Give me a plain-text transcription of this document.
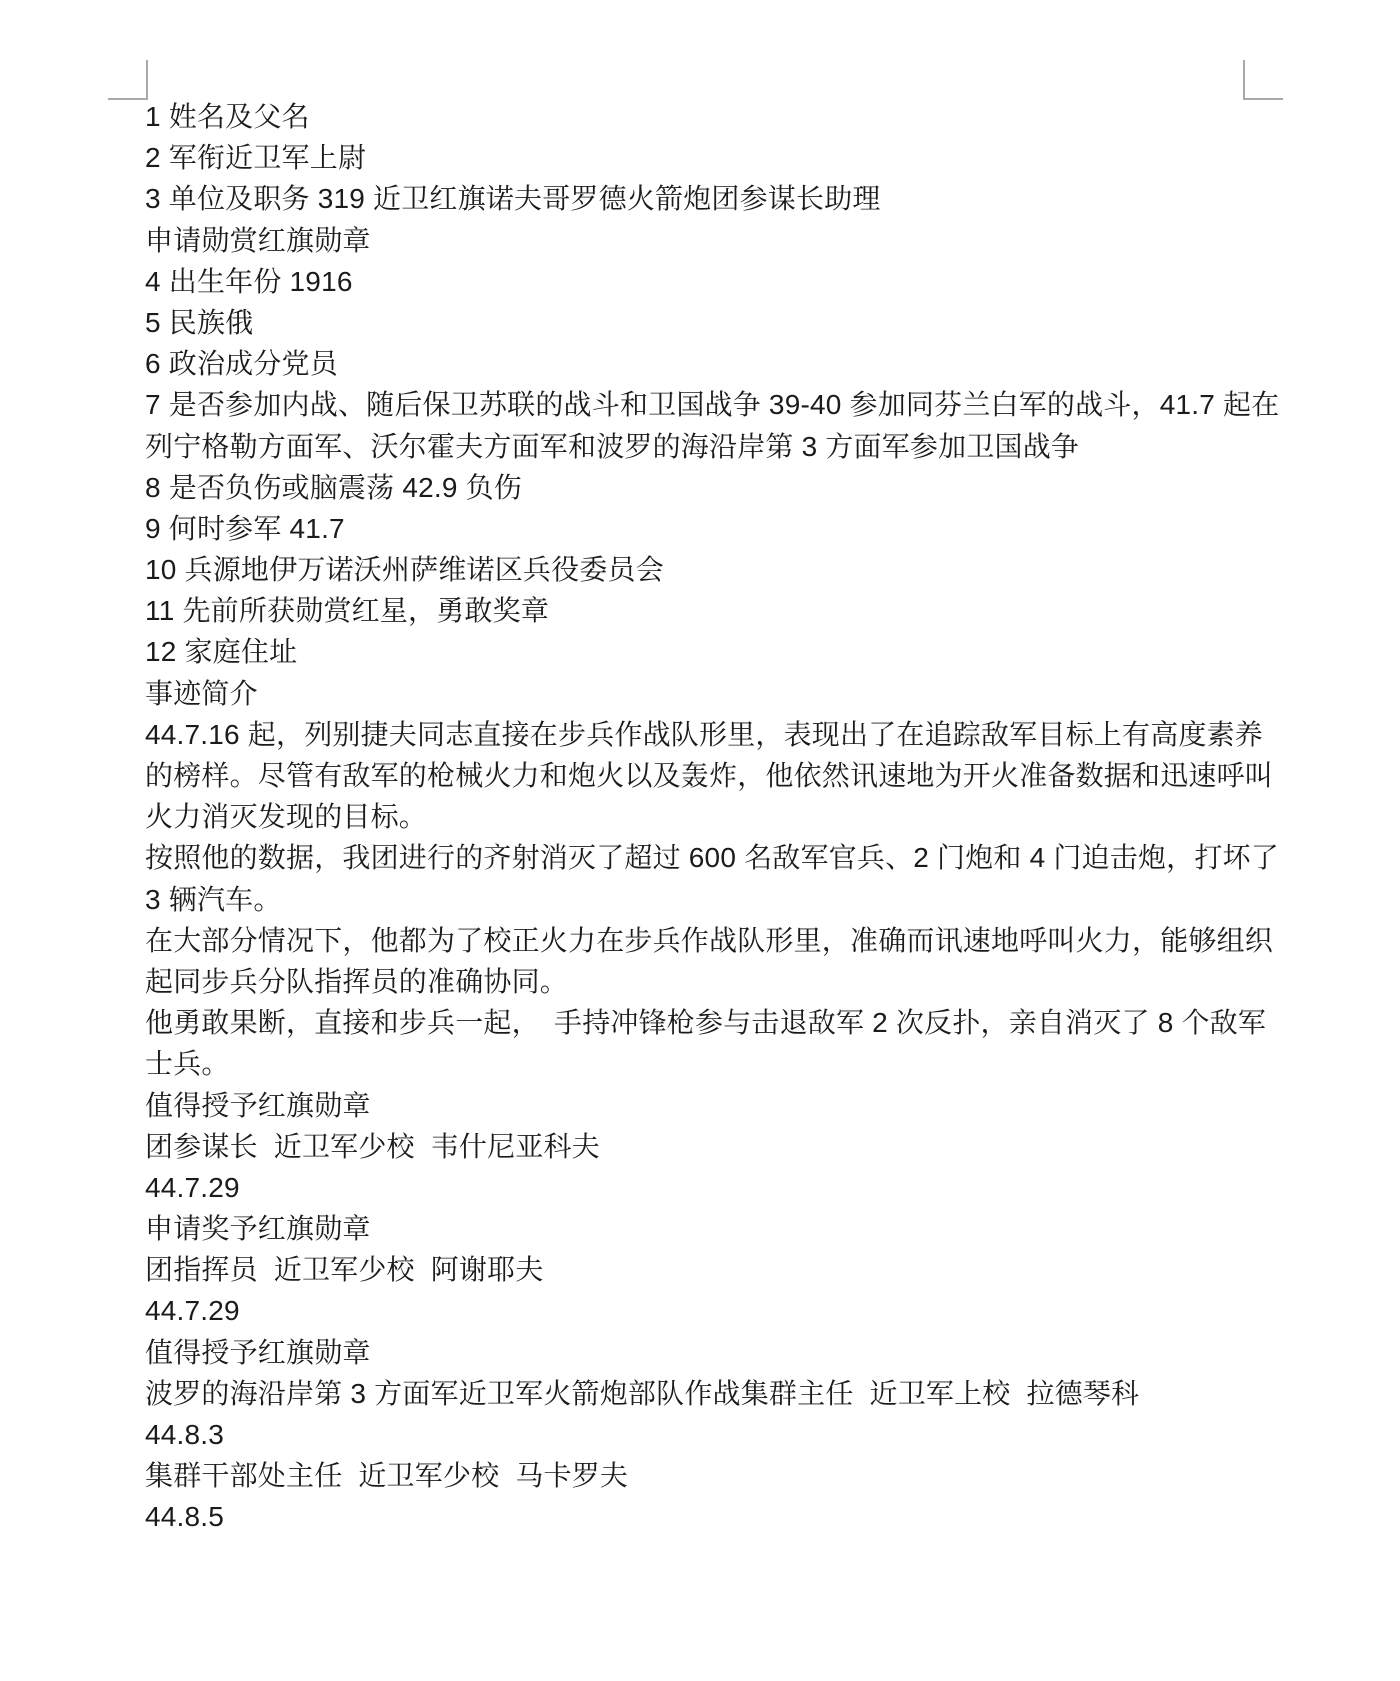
1 姓名及父名
2 军衔近卫军上尉
3 单位及职务 319 近卫红旗诺夫哥罗德火箭炮团参谋长助理
申请勋赏红旗勋章
4 出生年份 1916
5 民族俄
6 政治成分党员
7 是否参加内战、随后保卫苏联的战斗和卫国战争 39-40 参加同芬兰白军的战斗，41.7 起在
列宁格勒方面军、沃尔霍夫方面军和波罗的海沿岸第 3 方面军参加卫国战争
8 是否负伤或脑震荡 42.9 负伤
9 何时参军 41.7
10 兵源地伊万诺沃州萨维诺区兵役委员会
11 先前所获勋赏红星，勇敢奖章
12 家庭住址
事迹简介
44.7.16 起，列别捷夫同志直接在步兵作战队形里，表现出了在追踪敌军目标上有高度素养
的榜样。尽管有敌军的枪械火力和炮火以及轰炸，他依然讯速地为开火准备数据和迅速呼叫
火力消灭发现的目标。
按照他的数据，我团进行的齐射消灭了超过 600 名敌军官兵、2 门炮和 4 门迫击炮，打坏了
3 辆汽车。
在大部分情况下，他都为了校正火力在步兵作战队形里，准确而讯速地呼叫火力，能够组织
起同步兵分队指挥员的准确协同。
他勇敢果断，直接和步兵一起，　手持冲锋枪参与击退敌军 2 次反扑，亲自消灭了 8 个敌军
士兵。
值得授予红旗勋章
团参谋长  近卫军少校  韦什尼亚科夫
44.7.29
申请奖予红旗勋章
团指挥员  近卫军少校  阿谢耶夫
44.7.29
值得授予红旗勋章
波罗的海沿岸第 3 方面军近卫军火箭炮部队作战集群主任  近卫军上校  拉德琴科
44.8.3
集群干部处主任  近卫军少校  马卡罗夫
44.8.5
